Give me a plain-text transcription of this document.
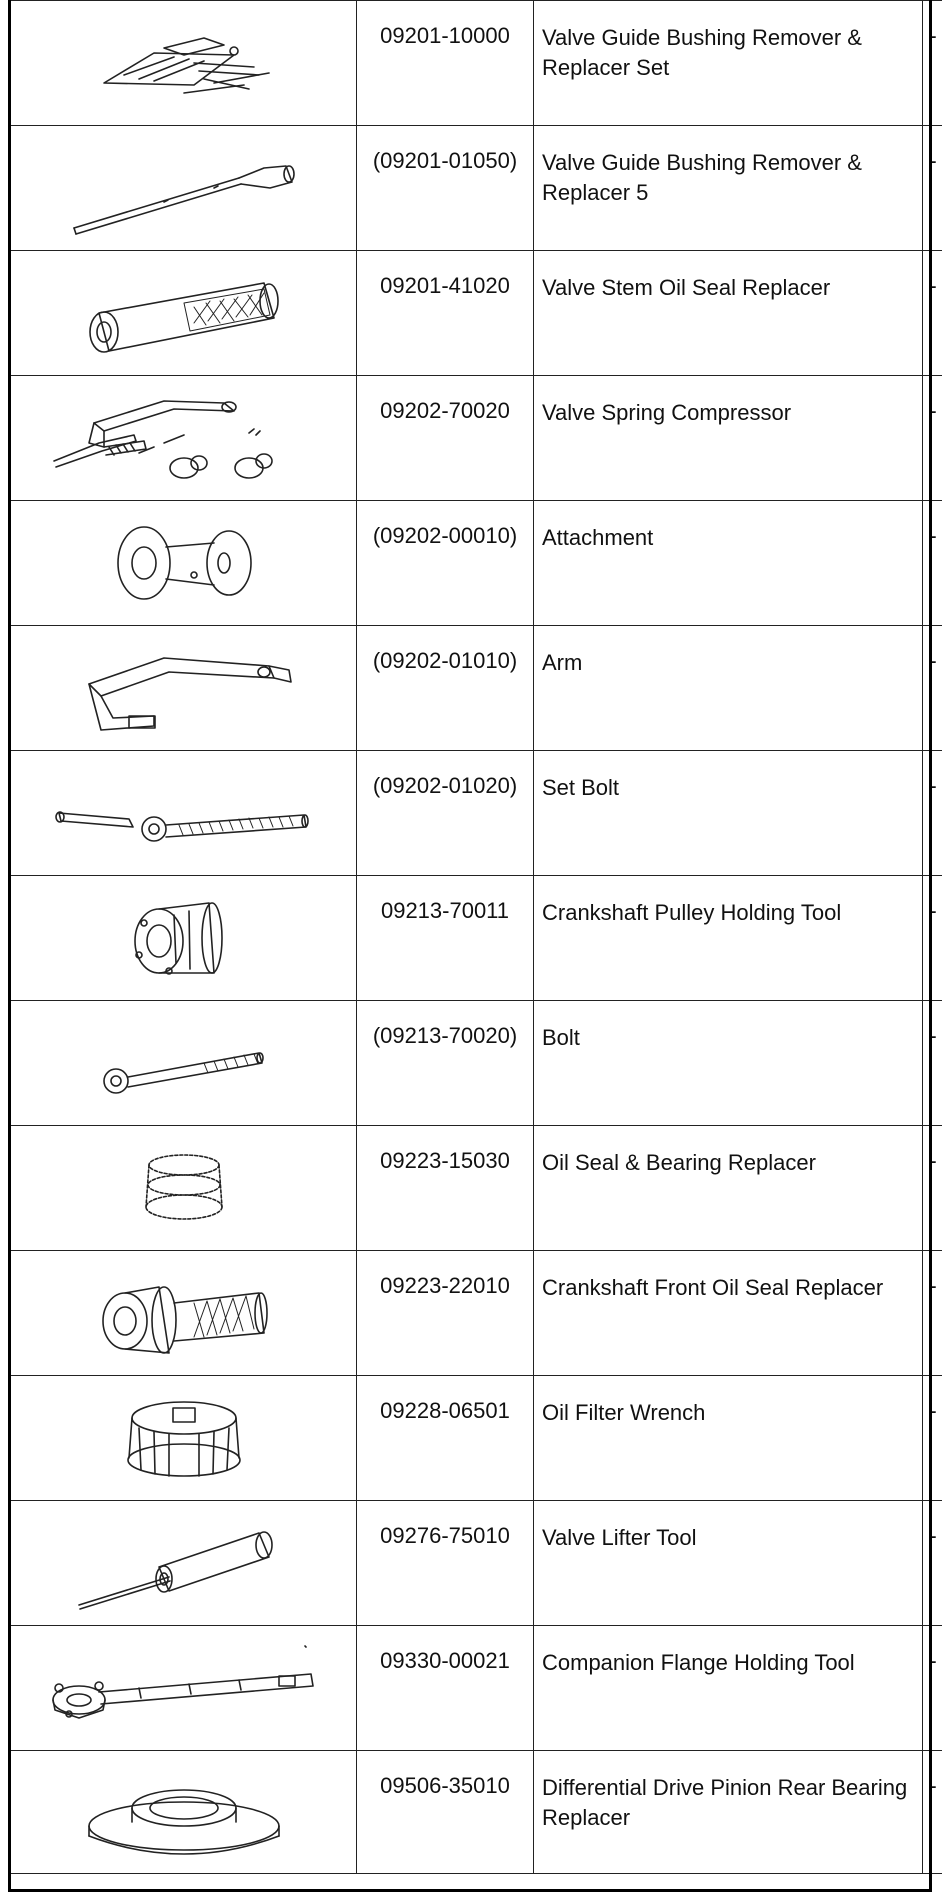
	09201-10000	Valve Guide Bushing Remover & Replacer Set	-

	(09201-01050)	Valve Guide Bushing Remover & Replacer 5	-

	09201-41020	Valve Stem Oil Seal Replacer	-

	09202-70020	Valve Spring Compressor	-

	(09202-00010)	Attachment	-

	(09202-01010)	Arm	-

	(09202-01020)	Set Bolt	-

	09213-70011	Crankshaft Pulley Holding Tool	-

	(09213-70020)	Bolt	-

	09223-15030	Oil Seal & Bearing Replacer	-

	09223-22010	Crankshaft Front Oil Seal Replacer	-

	09228-06501	Oil Filter Wrench	-

	09276-75010	Valve Lifter Tool	-

	09330-00021	Companion Flange Holding Tool	-

	09506-35010	Differential Drive Pinion Rear Bearing Replacer	-
